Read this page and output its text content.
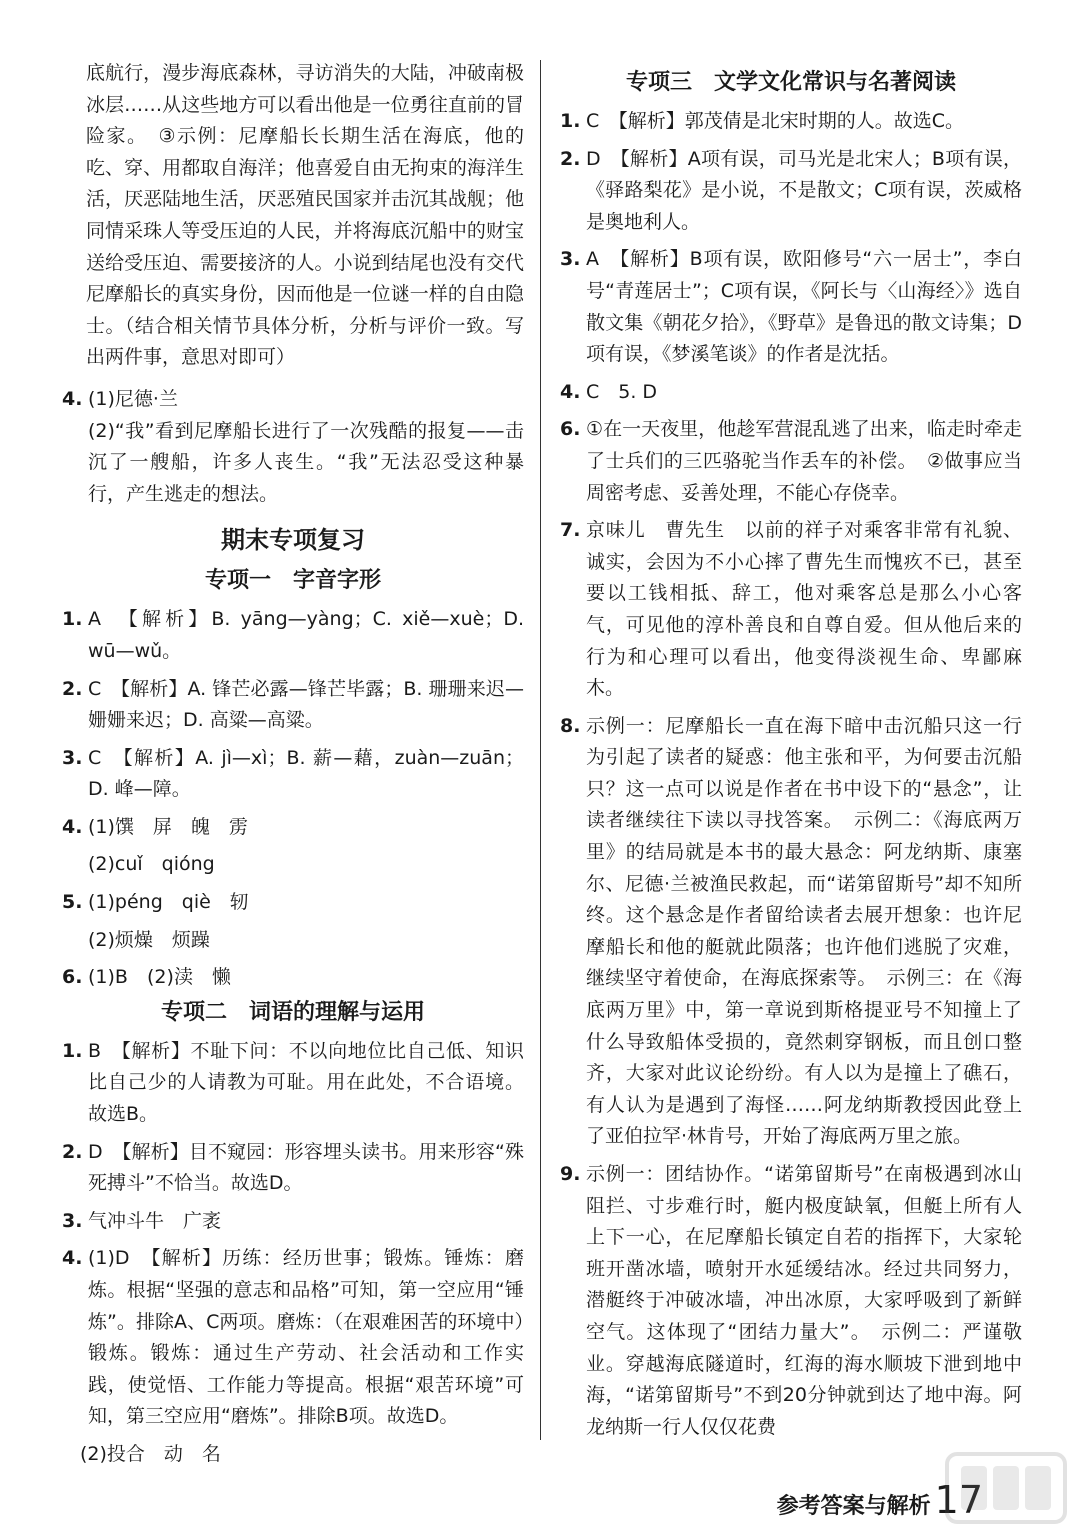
底航行，漫步海底森林，寻访消失的大陆，冲破南极冰层……从这些地方可以看出他是一位勇往直前的冒险家。　③示例：尼摩船长长期生活在海底，他的吃、穿、用都取自海洋；他喜爱自由无拘束的海洋生活，厌恶陆地生活，厌恶殖民国家并击沉其战舰；他同情采珠人等受压迫的人民，并将海底沉船中的财宝送给受压迫、需要接济的人。小说到结尾也没有交代尼摩船长的真实身份，因而他是一位谜一样的自由隐士。（结合相关情节具体分析，分析与评价一致。写出两件事，意思对即可）
4. (1)尼德·兰
(2)“我”看到尼摩船长进行了一次残酷的报复——击沉了一艘船，许多人丧生。“我”无法忍受这种暴行，产生逃走的想法。
期末专项复习
专项一　字音字形
1. A　【解析】B. yāng—yàng；C. xiě—xuè；D. wū—wǔ。
2. C　【解析】A. 锋芒必露—锋芒毕露；B. 珊珊来迟—姗姗来迟；D. 高粱—高粱。
3. C　【解析】A. jì—xì；B. 薪—藉，zuàn—zuān；D. 峰—障。
4. (1)馔　屏　魄　雳
(2)cuǐ　qióng
5. (1)péng　qiè　轫
(2)烦燥　烦躁
6. (1)B　(2)渎　懒
专项二　词语的理解与运用
1. B　【解析】不耻下问：不以向地位比自己低、知识比自己少的人请教为可耻。用在此处，不合语境。故选B。
2. D　【解析】目不窥园：形容埋头读书。用来形容“殊死搏斗”不恰当。故选D。
3. 气冲斗牛　广袤
4. (1)D　【解析】历练：经历世事；锻炼。锤炼：磨炼。根据“坚强的意志和品格”可知，第一空应用“锤炼”。排除A、C两项。磨炼：（在艰难困苦的环境中）锻炼。锻炼：通过生产劳动、社会活动和工作实践，使觉悟、工作能力等提高。根据“艰苦环境”可知，第三空应用“磨炼”。排除B项。故选D。
(2)投合　动　名
专项三　文学文化常识与名著阅读
1. C　【解析】郭茂倩是北宋时期的人。故选C。
2. D　【解析】A项有误，司马光是北宋人；B项有误，《驿路梨花》是小说，不是散文；C项有误，茨威格是奥地利人。
3. A　【解析】B项有误，欧阳修号“六一居士”，李白号“青莲居士”；C项有误，《阿长与〈山海经〉》选自散文集《朝花夕拾》，《野草》是鲁迅的散文诗集；D项有误，《梦溪笔谈》的作者是沈括。
4. C　5. D
6. ①在一天夜里，他趁军营混乱逃了出来，临走时牵走了士兵们的三匹骆驼当作丢车的补偿。　②做事应当周密考虑、妥善处理，不能心存侥幸。
7. 京味儿　曹先生　以前的祥子对乘客非常有礼貌、诚实，会因为不小心摔了曹先生而愧疚不已，甚至要以工钱相抵、辞工，他对乘客总是那么小心客气，可见他的淳朴善良和自尊自爱。但从他后来的行为和心理可以看出，他变得淡视生命、卑鄙麻木。
8. 示例一：尼摩船长一直在海下暗中击沉船只这一行为引起了读者的疑惑：他主张和平，为何要击沉船只？这一点可以说是作者在书中设下的“悬念”，让读者继续往下读以寻找答案。　示例二：《海底两万里》的结局就是本书的最大悬念：阿龙纳斯、康塞尔、尼德·兰被渔民救起，而“诺第留斯号”却不知所终。这个悬念是作者留给读者去展开想象：也许尼摩船长和他的艇就此陨落；也许他们逃脱了灾难，继续坚守着使命，在海底探索等。　示例三：在《海底两万里》中，第一章说到斯格提亚号不知撞上了什么导致船体受损的，竟然刺穿钢板，而且创口整齐，大家对此议论纷纷。有人以为是撞上了礁石，有人认为是遇到了海怪……阿龙纳斯教授因此登上了亚伯拉罕·林肯号，开始了海底两万里之旅。
9. 示例一：团结协作。“诺第留斯号”在南极遇到冰山阻拦、寸步难行时，艇内极度缺氧，但艇上所有人上下一心，在尼摩船长镇定自若的指挥下，大家轮班开凿冰墙，喷射开水延缓结冰。经过共同努力，潜艇终于冲破冰墙，冲出冰原，大家呼吸到了新鲜空气。这体现了“团结力量大”。　示例二：严谨敬业。穿越海底隧道时，红海的海水顺坡下泄到地中海，“诺第留斯号”不到20分钟就到达了地中海。阿龙纳斯一行人仅仅花费
参考答案与解析 17
